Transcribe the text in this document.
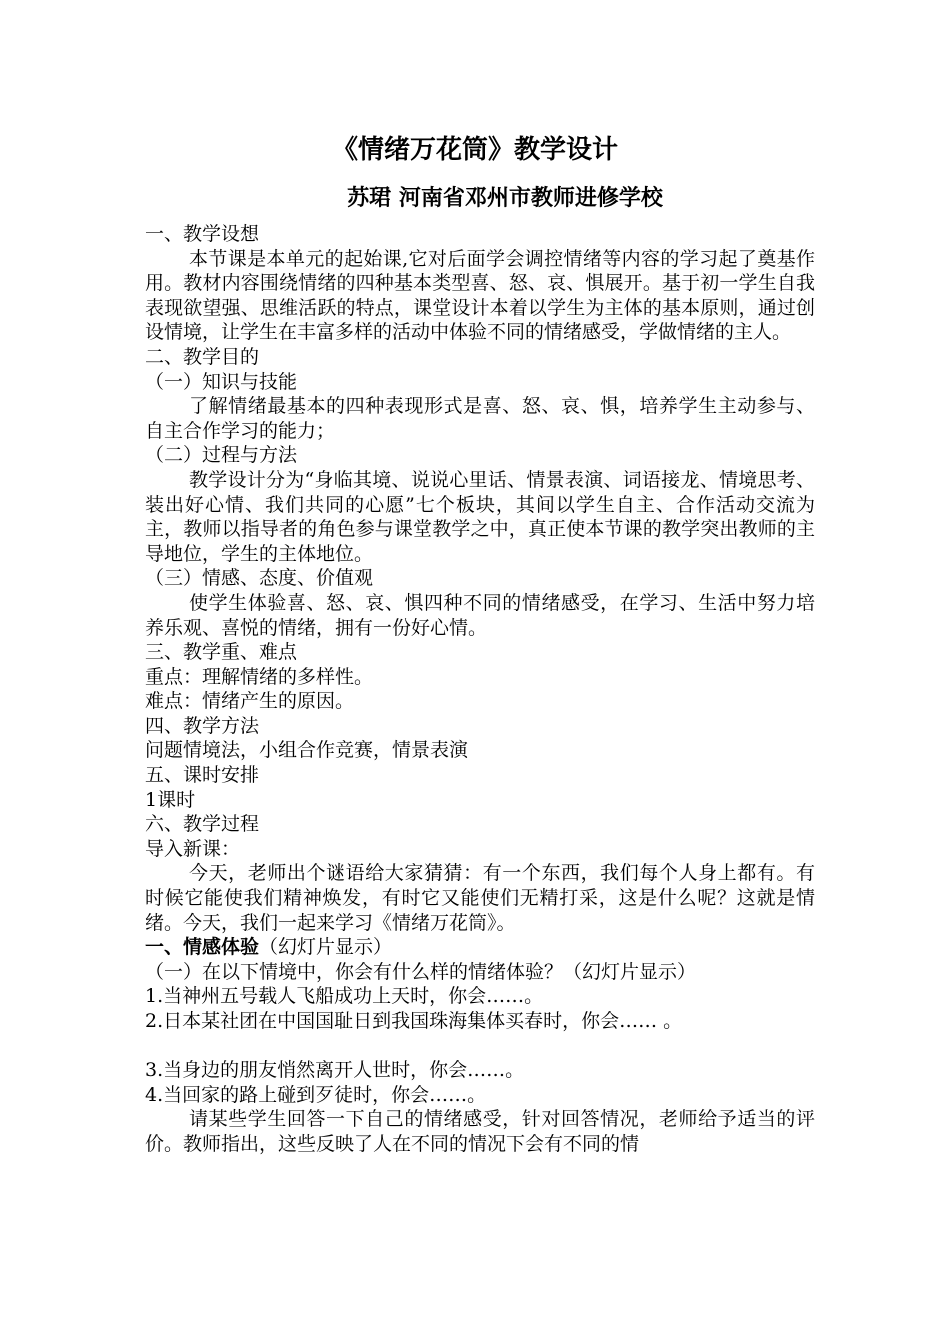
《情绪万花筒》教学设计
苏珺 河南省邓州市教师进修学校

一、教学设想

本节课是本单元的起始课,它对后面学会调控情绪等内容的学习起了奠基作用。教材内容围绕情绪的四种基本类型喜、怒、哀、惧展开。基于初一学生自我表现欲望强、思维活跃的特点，课堂设计本着以学生为主体的基本原则，通过创设情境，让学生在丰富多样的活动中体验不同的情绪感受，学做情绪的主人。

二、教学目的

（一）知识与技能

了解情绪最基本的四种表现形式是喜、怒、哀、惧，培养学生主动参与、自主合作学习的能力；

（二）过程与方法

教学设计分为“身临其境、说说心里话、情景表演、词语接龙、情境思考、装出好心情、我们共同的心愿”七个板块，其间以学生自主、合作活动交流为主，教师以指导者的角色参与课堂教学之中，真正使本节课的教学突出教师的主导地位，学生的主体地位。

（三）情感、态度、价值观

使学生体验喜、怒、哀、惧四种不同的情绪感受，在学习、生活中努力培养乐观、喜悦的情绪，拥有一份好心情。

三、教学重、难点

重点：理解情绪的多样性。

难点：情绪产生的原因。

四、教学方法

问题情境法，小组合作竞赛，情景表演

五、课时安排

1课时

六、教学过程

导入新课：

今天，老师出个谜语给大家猜猜：有一个东西，我们每个人身上都有。有时候它能使我们精神焕发，有时它又能使们无精打采，这是什么呢？这就是情绪。今天，我们一起来学习《情绪万花筒》。

一、情感体验（幻灯片显示）

（一）在以下情境中，你会有什么样的情绪体验？（幻灯片显示）

1.当神州五号载人飞船成功上天时，你会……。

2.日本某社团在中国国耻日到我国珠海集体买春时，你会…… 。

3.当身边的朋友悄然离开人世时，你会……。

4.当回家的路上碰到歹徒时，你会……。

请某些学生回答一下自己的情绪感受，针对回答情况，老师给予适当的评价。教师指出，这些反映了人在不同的情况下会有不同的情
